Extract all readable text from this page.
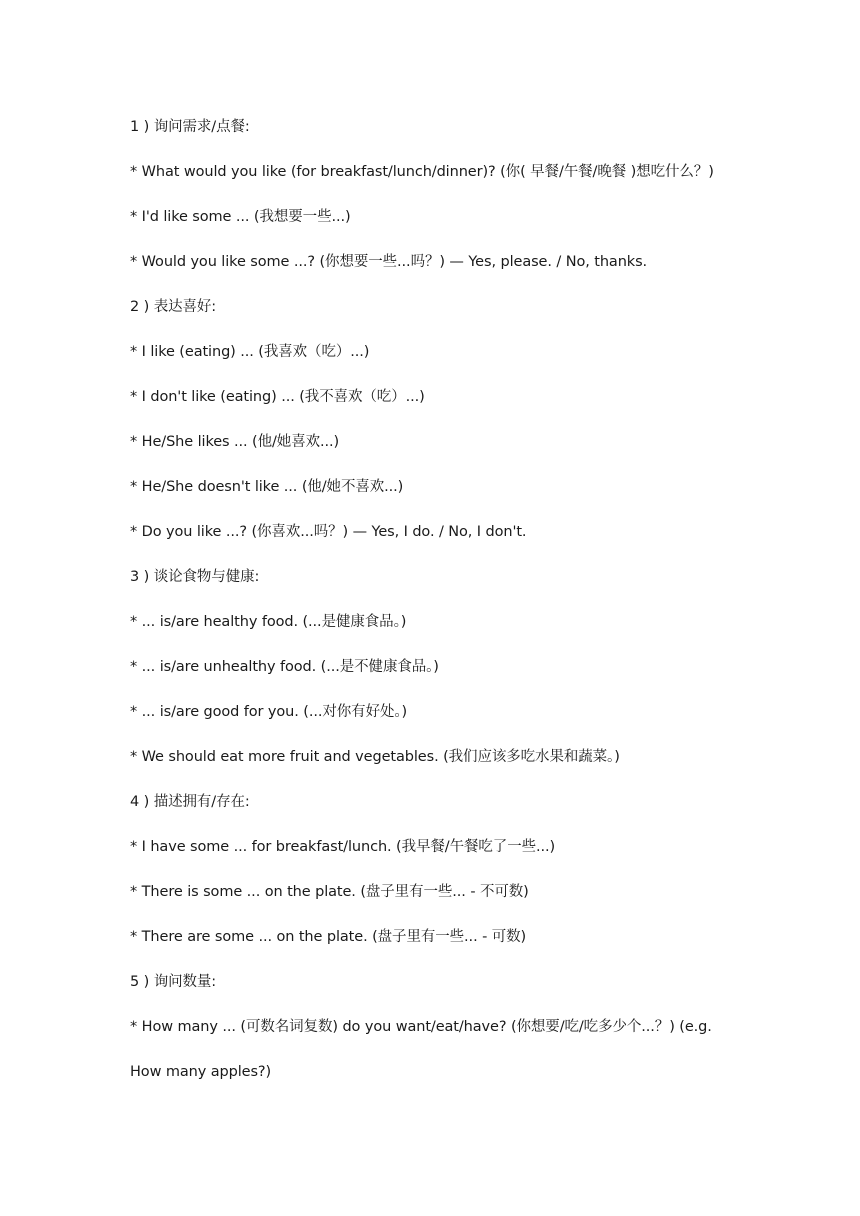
1 ) 询问需求/点餐:
* What would you like (for breakfast/lunch/dinner)? (你( 早餐/午餐/晚餐 )想吃什么？)
* I'd like some ... (我想要一些...)
* Would you like some ...? (你想要一些...吗？) — Yes, please. / No, thanks.
2 ) 表达喜好:
* I like (eating) ... (我喜欢（吃）...)
* I don't like (eating) ... (我不喜欢（吃）...)
* He/She likes ... (他/她喜欢...)
* He/She doesn't like ... (他/她不喜欢...)
* Do you like ...? (你喜欢...吗？) — Yes, I do. / No, I don't.
3 ) 谈论食物与健康:
* ... is/are healthy food. (...是健康食品。)
* ... is/are unhealthy food. (...是不健康食品。)
* ... is/are good for you. (...对你有好处。)
* We should eat more fruit and vegetables. (我们应该多吃水果和蔬菜。)
4 ) 描述拥有/存在:
* I have some ... for breakfast/lunch. (我早餐/午餐吃了一些...)
* There is some ... on the plate. (盘子里有一些... - 不可数)
* There are some ... on the plate. (盘子里有一些... - 可数)
5 ) 询问数量:
* How many ... (可数名词复数) do you want/eat/have? (你想要/吃/吃多少个...？) (e.g.
How many apples?)
